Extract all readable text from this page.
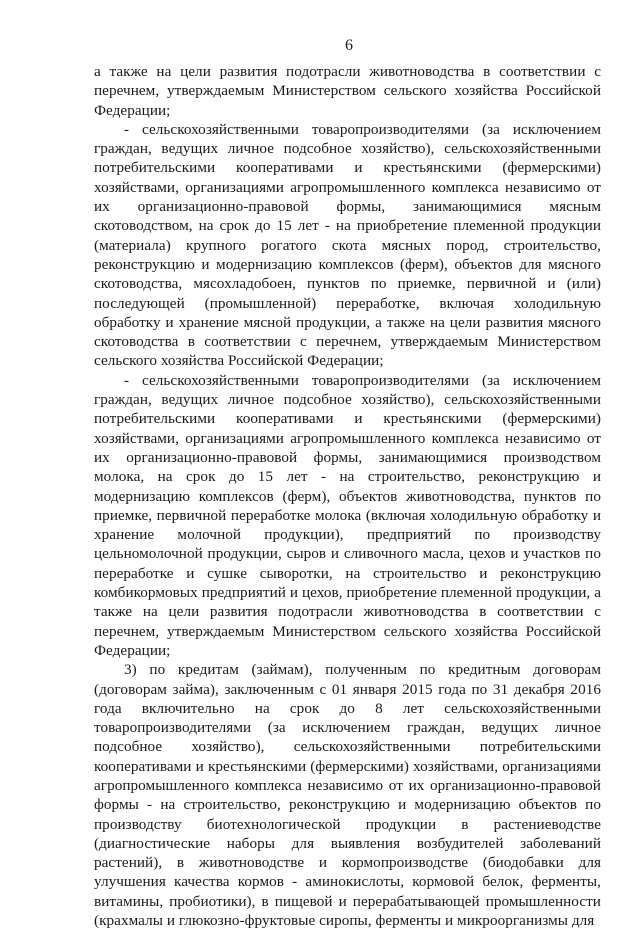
6

а также на цели развития подотрасли животноводства в соответствии с перечнем, утверждаемым Министерством сельского хозяйства Российской Федерации;

- сельскохозяйственными товаропроизводителями (за исключением граждан, ведущих личное подсобное хозяйство), сельскохозяйственными потребительскими кооперативами и крестьянскими (фермерскими) хозяйствами, организациями агропромышленного комплекса независимо от их организационно-правовой формы, занимающимися мясным скотоводством, на срок до 15 лет - на приобретение племенной продукции (материала) крупного рогатого скота мясных пород, строительство, реконструкцию и модернизацию комплексов (ферм), объектов для мясного скотоводства, мясохладобоен, пунктов по приемке, первичной и (или) последующей (промышленной) переработке, включая холодильную обработку и хранение мясной продукции, а также на цели развития мясного скотоводства в соответствии с перечнем, утверждаемым Министерством сельского хозяйства Российской Федерации;

- сельскохозяйственными товаропроизводителями (за исключением граждан, ведущих личное подсобное хозяйство), сельскохозяйственными потребительскими кооперативами и крестьянскими (фермерскими) хозяйствами, организациями агропромышленного комплекса независимо от их организационно-правовой формы, занимающимися производством молока, на срок до 15 лет - на строительство, реконструкцию и модернизацию комплексов (ферм), объектов животноводства, пунктов по приемке, первичной переработке молока (включая холодильную обработку и хранение молочной продукции), предприятий по производству цельномолочной продукции, сыров и сливочного масла, цехов и участков по переработке и сушке сыворотки, на строительство и реконструкцию комбикормовых предприятий и цехов, приобретение племенной продукции, а также на цели развития подотрасли животноводства в соответствии с перечнем, утверждаемым Министерством сельского хозяйства Российской Федерации;

3) по кредитам (займам), полученным по кредитным договорам (договорам займа), заключенным с 01 января 2015 года по 31 декабря 2016 года включительно на срок до 8 лет сельскохозяйственными товаропроизводителями (за исключением граждан, ведущих личное подсобное хозяйство), сельскохозяйственными потребительскими кооперативами и крестьянскими (фермерскими) хозяйствами, организациями агропромышленного комплекса независимо от их организационно-правовой формы - на строительство, реконструкцию и модернизацию объектов по производству биотехнологической продукции в растениеводстве (диагностические наборы для выявления возбудителей заболеваний растений), в животноводстве и кормопроизводстве (биодобавки для улучшения качества кормов - аминокислоты, кормовой белок, ферменты, витамины, пробиотики), в пищевой и перерабатывающей промышленности (крахмалы и глюкозно-фруктовые сиропы, ферменты и микроорганизмы для
